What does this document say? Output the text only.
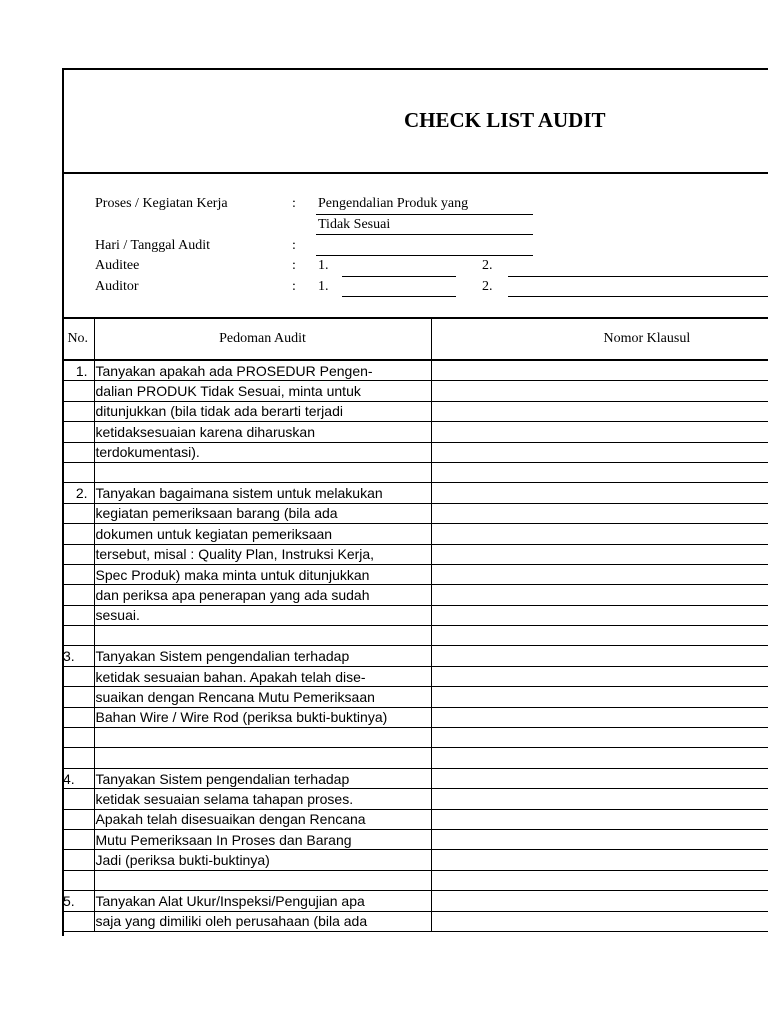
CHECK LIST AUDIT
Proses / Kegiatan Kerja	: Pengendalian Produk yang
Tidak Sesuai
Hari / Tanggal Audit	:
Auditee	: 1.	2.
Auditor	: 1.	2.
No.	Pedoman Audit	Nomor Klausul
1.	Tanyakan apakah ada PROSEDUR Pengen-	
	dalian PRODUK Tidak Sesuai, minta untuk	
	ditunjukkan (bila tidak ada berarti terjadi	
	ketidaksesuaian karena diharuskan	
	terdokumentasi).	

2.	Tanyakan bagaimana sistem untuk melakukan	
	kegiatan pemeriksaan barang (bila ada	
	dokumen untuk kegiatan pemeriksaan	
	tersebut, misal : Quality Plan, Instruksi Kerja,	
	Spec Produk) maka minta untuk ditunjukkan	
	dan periksa apa penerapan yang ada sudah	
	sesuai.	

3.	Tanyakan Sistem pengendalian terhadap	
	ketidak sesuaian bahan. Apakah telah dise-	
	suaikan dengan Rencana Mutu Pemeriksaan	
	Bahan Wire / Wire Rod (periksa bukti-buktinya)	

4.	Tanyakan Sistem pengendalian terhadap	
	ketidak sesuaian selama tahapan proses.	
	Apakah telah disesuaikan dengan Rencana	
	Mutu Pemeriksaan In Proses dan Barang	
	Jadi (periksa bukti-buktinya)	

5.	Tanyakan Alat Ukur/Inspeksi/Pengujian apa	
	saja yang dimiliki oleh perusahaan (bila ada	
